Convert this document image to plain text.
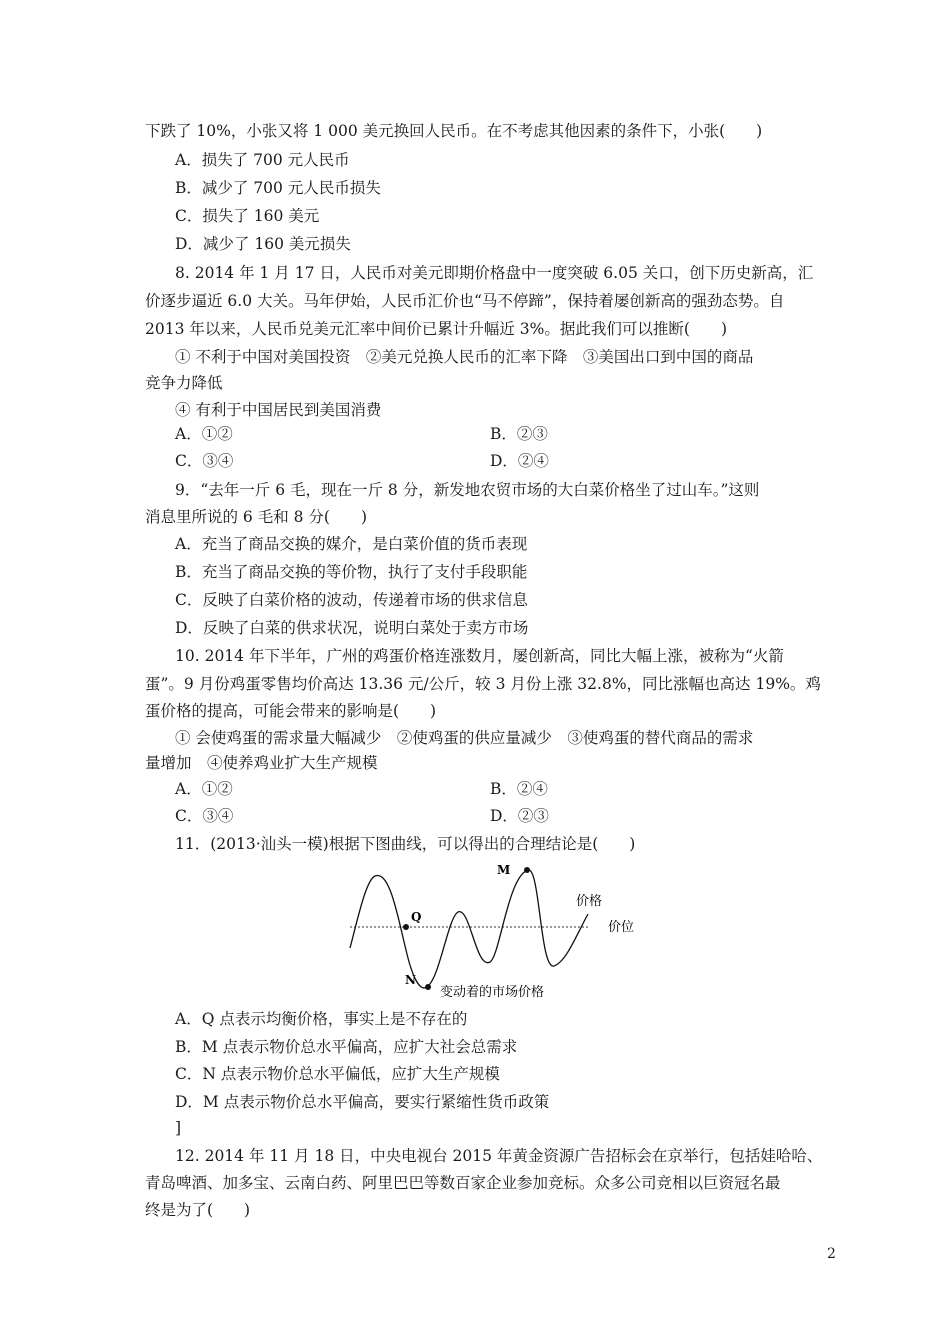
下跌了 10%，小张又将 1 000 美元换回人民币。在不考虑其他因素的条件下，小张(　　)
A．损失了 700 元人民币
B．减少了 700 元人民币损失
C．损失了 160 美元
D．减少了 160 美元损失
8. 2014 年 1 月 17 日，人民币对美元即期价格盘中一度突破 6.05 关口，创下历史新高，汇
价逐步逼近 6.0 大关。马年伊始，人民币汇价也“马不停蹄”，保持着屡创新高的强劲态势。自
2013 年以来，人民币兑美元汇率中间价已累计升幅近 3%。据此我们可以推断(　　)
① 不利于中国对美国投资　②美元兑换人民币的汇率下降　③美国出口到中国的商品
竞争力降低
④ 有利于中国居民到美国消费
A．①②	B．②③
C．③④	D．②④
9．“去年一斤 6 毛，现在一斤 8 分，新发地农贸市场的大白菜价格坐了过山车。”这则
消息里所说的 6 毛和 8 分(　　)
A．充当了商品交换的媒介，是白菜价值的货币表现
B．充当了商品交换的等价物，执行了支付手段职能
C．反映了白菜价格的波动，传递着市场的供求信息
D．反映了白菜的供求状况，说明白菜处于卖方市场
10. 2014 年下半年，广州的鸡蛋价格连涨数月，屡创新高，同比大幅上涨，被称为“火箭
蛋”。9 月份鸡蛋零售均价高达 13.36 元/公斤，较 3 月份上涨 32.8%，同比涨幅也高达 19%。鸡
蛋价格的提高，可能会带来的影响是(　　)
① 会使鸡蛋的需求量大幅减少　②使鸡蛋的供应量减少　③使鸡蛋的替代商品的需求
量增加　④使养鸡业扩大生产规模
A．①②	B．②④
C．③④	D．②③
11．(2013·汕头一模)根据下图曲线，可以得出的合理结论是(　　)
M
Q
N
价格
价位
变动着的市场价格
A．Q 点表示均衡价格，事实上是不存在的
B．M 点表示物价总水平偏高，应扩大社会总需求
C．N 点表示物价总水平偏低，应扩大生产规模
D．M 点表示物价总水平偏高，要实行紧缩性货币政策
]
12. 2014 年 11 月 18 日，中央电视台 2015 年黄金资源广告招标会在京举行，包括娃哈哈、
青岛啤酒、加多宝、云南白药、阿里巴巴等数百家企业参加竞标。众多公司竞相以巨资冠名最
终是为了(　　)
2
